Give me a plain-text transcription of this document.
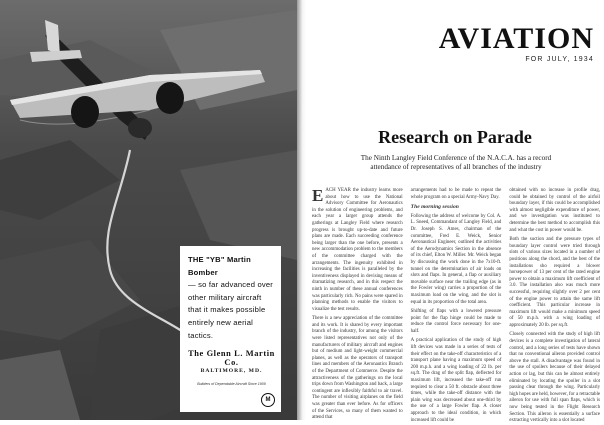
THE "YB" Martin Bomber
— so far advanced over
other military aircraft
that it makes possible
entirely new aerial tactics.
The Glenn L. Martin Co.
BALTIMORE, MD.
Builders of Dependable Aircraft Since 1909
M
AVIATION
FOR JULY, 1934
Research on Parade
The Ninth Langley Field Conference of the N.A.C.A. has a record attendance of representatives of all branches of the industry

EACH YEAR the industry learns more about how to use the National Advisory Committee for Aeronautics in the solution of engineering problems, and each year a larger group attends the gatherings at Langley Field where research progress is brought up-to-date and future plans are made. Each succeeding conference being larger than the one before, presents a new accommodation problem to the members of the committee charged with the arrangements. The ingenuity exhibited in increasing the facilities is paralleled by the inventiveness displayed in devising means of dramatizing research, and in this respect the ninth in number of these annual conferences was particularly rich. No pains were spared in planning methods to enable the visitors to visualize the test results.

There is a new appreciation of the committee and its work. It is shared by every important branch of the industry, for among the visitors were listed representatives not only of the manufacturers of military aircraft and engines but of medium and light-weight commercial planes, as well as the operators of transport lines and members of the Aeronautics Branch of the Department of Commerce. Despite the attractiveness of the gatherings on the local trips down from Washington and back, a large contingent are inflexibly faithful to air travel. The number of visiting airplanes on the field was greater than ever before. As for officers of the Services, so many of them wanted to attend that

arrangements had to be made to repeat the whole program on a special Army-Navy Day.

The morning session

Following the address of welcome by Col. A. L. Sneed, Commandant of Langley Field, and Dr. Joseph S. Ames, chairman of the committee, Fred E. Weick, Senior Aeronautical Engineer, outlined the activities of the Aerodynamics Section in the absence of its chief, Elton W. Miller. Mr. Weick began by discussing the work done in the 7x10-ft. tunnel on the determination of air loads on slots and flaps. In general, a flap or auxiliary movable surface near the trailing edge (as in the Fowler wing) carries a proportion of the maximum load on the wing, and the slot is equal in its proportion of the total area.

Shifting of flaps with a lowered pressure point for the flap hinge could be made to reduce the control force necessary for one-half.

A practical application of the study of high lift devices was made in a series of tests of their effect on the take-off characteristics of a transport plane having a maximum speed of 200 m.p.h. and a wing loading of 22 lb. per sq.ft. The drag of the split flap, deflected for maximum lift, increased the take-off run required to clear a 50 ft. obstacle about three times, while the take-off distance with the plain wing was decreased about one-third by the use of a large Fowler flap. A closer approach to the ideal condition, in which increased lift could be

obtained with no increase in profile drag, could be obtained by control of the airfoil boundary layer, if this could be accomplished with almost negligible expenditure of power, and we investigation was instituted to determine the best method to accomplish this and what the cost in power would be.

Both the suction and the pressure types of boundary layer control were tried through slots of various sizes located in a number of positions along the chord, and the best of the installations sho required a blower horsepower of 13 per cent of the rated engine power to obtain a maximum lift coefficient of 3.0. The installation also was much more successful, requiring slightly over 2 per cent of the engine power to attain the same lift coefficient. This particular increase in maximum lift would make a minimum speed of 50 m.p.h. with a wing loading of approximately 20 lb. per sq.ft.

Closely connected with the study of high lift devices is a complete investigation of lateral control, and a long series of tests have shown that no conventional aileron provided control above the stall. A disadvantage was found in the use of spoilers because of their delayed action or lag, but this can be almost entirely eliminated by locating the spoiler in a slot passing clear through the wing. Particularly high hopes are held, however, for a retractable aileron for use with full span flaps, which is now being tested in the Flight Research Section. This aileron is essentially a surface extracting vertically into a slot located
